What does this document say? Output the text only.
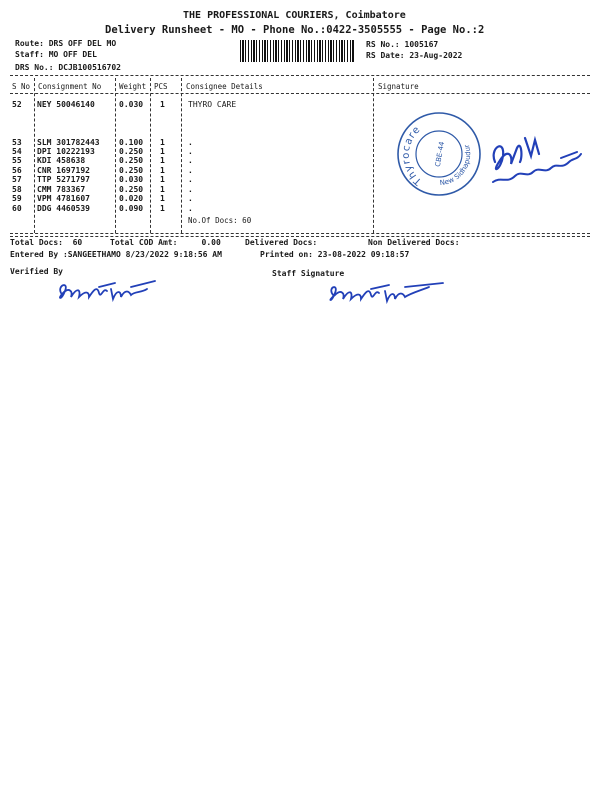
THE PROFESSIONAL COURIERS, Coimbatore
Delivery Runsheet - MO - Phone No.:0422-3505555 - Page No.:2
Route: DRS OFF DEL MO
Staff: MO OFF DEL
DRS No.: DCJB100516702
RS No.: 1005167
RS Date: 23-Aug-2022
S No Consignment No Weight PCS Consignee Details	Signature
52 NEY 50046140	0.030 1	THYRO CARE
53 SLM 301782443 0.100 1	.
54 DPI 10222193	0.250 1	.
55 KDI 458638	0.250 1	.
56 CNR 1697192	0.250 1	.
57 TTP 5271797	0.030 1	.
58 CMM 783367	0.250 1	.
59 VPM 4781607	0.020 1	.
60 DDG 4460539	0.090 1	.
No.Of Docs: 60
Thyrocare
New Sidhapudur
CBE-44
Total Docs:  60	Total COD Amt:     0.00	Delivered Docs:	Non Delivered Docs:
Entered By :SANGEETHAMO 8/23/2022 9:18:56 AM	Printed on: 23-08-2022 09:18:57
Verified By	Staff Signature
